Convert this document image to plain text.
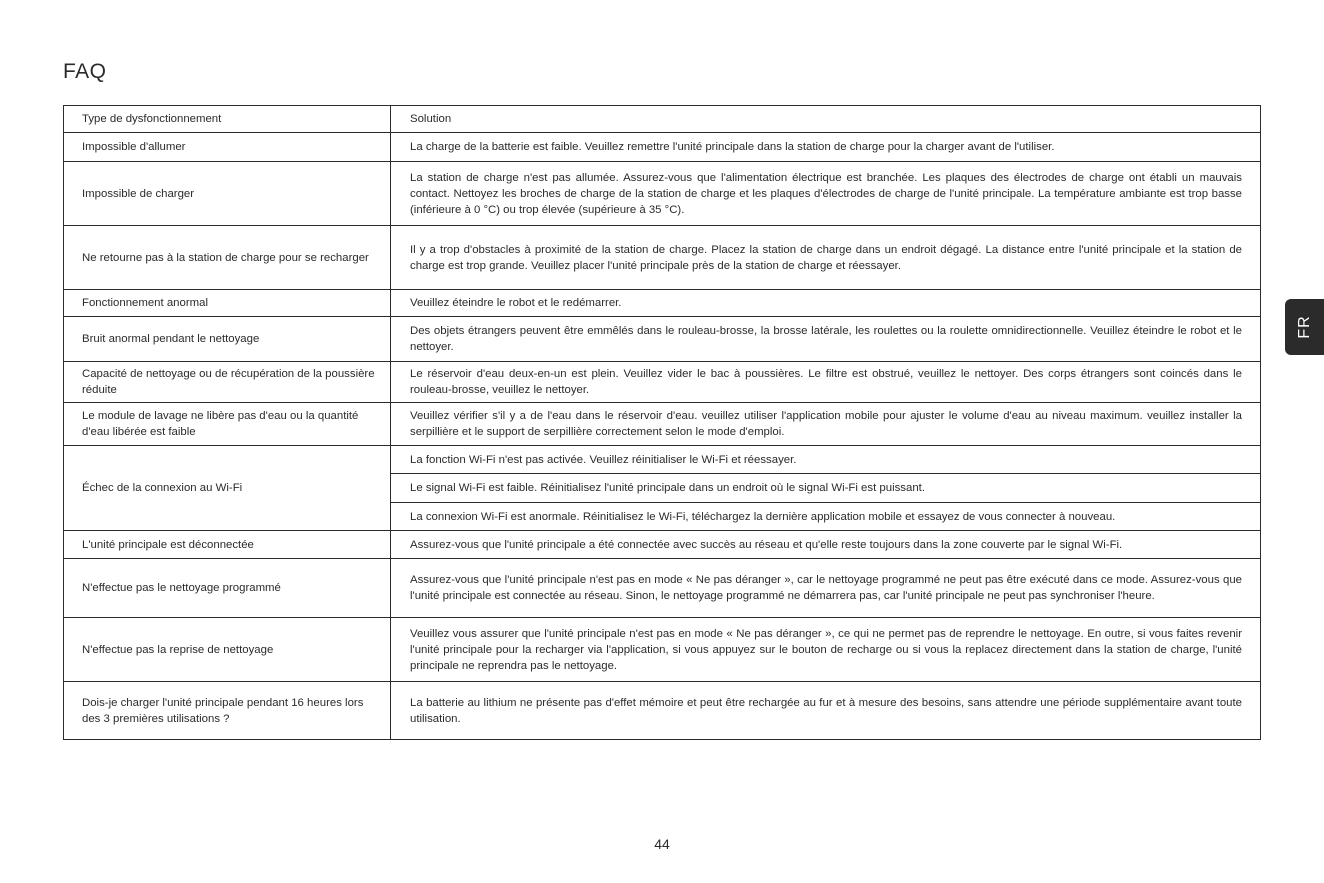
FAQ
Type de dysfonctionnement	Solution
Impossible d'allumer	La charge de la batterie est faible. Veuillez remettre l'unité principale dans la station de charge pour la charger avant de l'utiliser.
Impossible de charger	La station de charge n'est pas allumée. Assurez-vous que l'alimentation électrique est branchée. Les plaques des électrodes de charge ont établi un mauvais contact. Nettoyez les broches de charge de la station de charge et les plaques d'électrodes de charge de l'unité principale. La température ambiante est trop basse (inférieure à 0 °C) ou trop élevée (supérieure à 35 °C).
Ne retourne pas à la station de charge pour se recharger	Il y a trop d'obstacles à proximité de la station de charge. Placez la station de charge dans un endroit dégagé. La distance entre l'unité principale et la station de charge est trop grande. Veuillez placer l'unité principale près de la station de charge et réessayer.
Fonctionnement anormal	Veuillez éteindre le robot et le redémarrer.
Bruit anormal pendant le nettoyage	Des objets étrangers peuvent être emmêlés dans le rouleau-brosse, la brosse latérale, les roulettes ou la roulette omnidirectionnelle. Veuillez éteindre le robot et le nettoyer.
Capacité de nettoyage ou de récupération de la poussière réduite	Le réservoir d'eau deux-en-un est plein. Veuillez vider le bac à poussières. Le filtre est obstrué, veuillez le nettoyer. Des corps étrangers sont coincés dans le rouleau-brosse, veuillez le nettoyer.
Le module de lavage ne libère pas d'eau ou la quantité d'eau libérée est faible	Veuillez vérifier s'il y a de l'eau dans le réservoir d'eau. veuillez utiliser l'application mobile pour ajuster le volume d'eau au niveau maximum. veuillez installer la serpillière et le support de serpillière correctement selon le mode d'emploi.
Échec de la connexion au Wi-Fi	La fonction Wi-Fi n'est pas activée. Veuillez réinitialiser le Wi-Fi et réessayer.
	Le signal Wi-Fi est faible. Réinitialisez l'unité principale dans un endroit où le signal Wi-Fi est puissant.
	La connexion Wi-Fi est anormale. Réinitialisez le Wi-Fi, téléchargez la dernière application mobile et essayez de vous connecter à nouveau.
L'unité principale est déconnectée	Assurez-vous que l'unité principale a été connectée avec succès au réseau et qu'elle reste toujours dans la zone couverte par le signal Wi-Fi.
N'effectue pas le nettoyage programmé	Assurez-vous que l'unité principale n'est pas en mode « Ne pas déranger », car le nettoyage programmé ne peut pas être exécuté dans ce mode. Assurez-vous que l'unité principale est connectée au réseau. Sinon, le nettoyage programmé ne démarrera pas, car l'unité principale ne peut pas synchroniser l'heure.
N'effectue pas la reprise de nettoyage	Veuillez vous assurer que l'unité principale n'est pas en mode « Ne pas déranger », ce qui ne permet pas de reprendre le nettoyage. En outre, si vous faites revenir l'unité principale pour la recharger via l'application, si vous appuyez sur le bouton de recharge ou si vous la replacez directement dans la station de charge, l'unité principale ne reprendra pas le nettoyage.
Dois-je charger l'unité principale pendant 16 heures lors des 3 premières utilisations ?	La batterie au lithium ne présente pas d'effet mémoire et peut être rechargée au fur et à mesure des besoins, sans attendre une période supplémentaire avant toute utilisation.
FR
44
